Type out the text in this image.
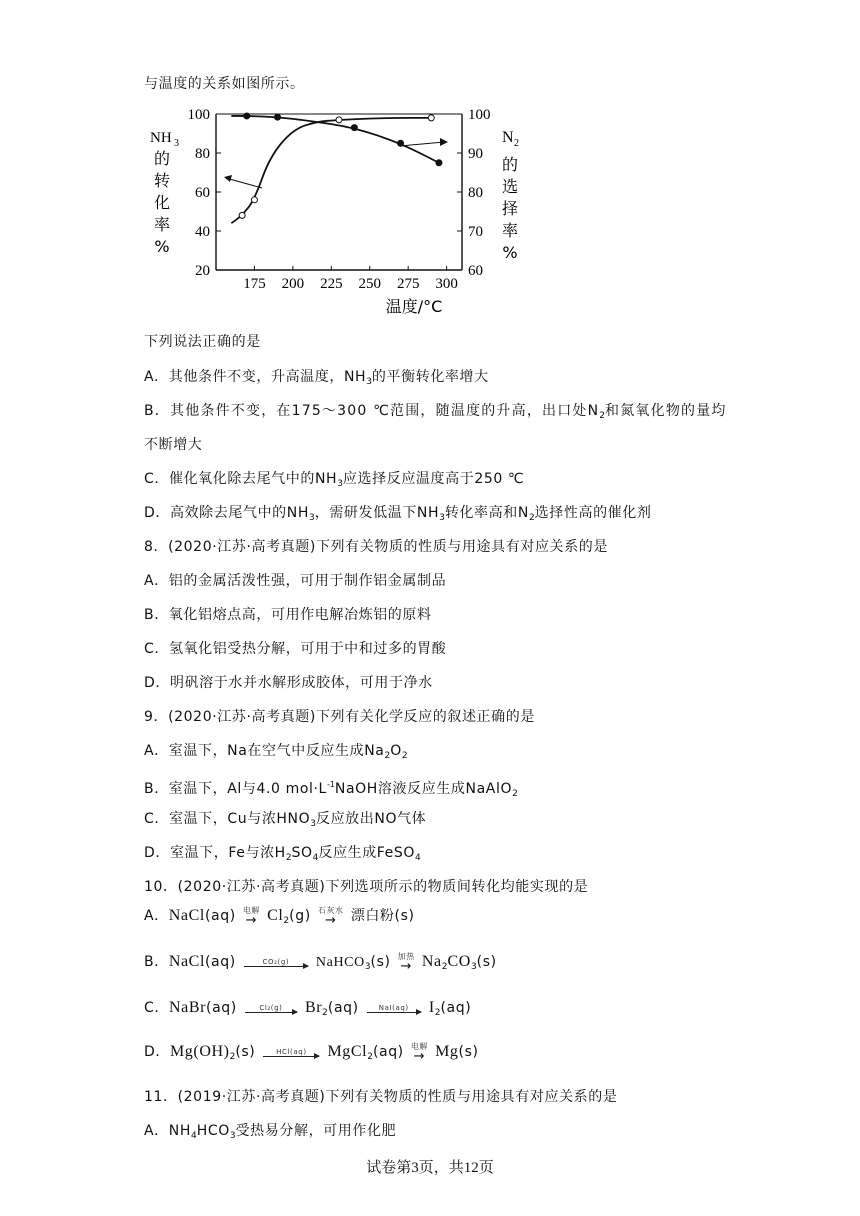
与温度的关系如图所示。
20
40
60
80
100
60
70
80
90
100
175 200 225 250 275 300
NH 3
的
转
化
率
%
N 2
的
选
择
率
%
温度/°C
下列说法正确的是
A．其他条件不变，升高温度，$NH_3$的平衡转化率增大
B．其他条件不变，在175～300 ℃范围，随温度的升高，出口处$N_2$和氮氧化物的量均
不断增大
C．催化氧化除去尾气中的$NH_3$应选择反应温度高于250 ℃
D．高效除去尾气中的$NH_3$，需研发低温下$NH_3$转化率高和$N_2$选择性高的催化剂
8．(2020·江苏·高考真题)下列有关物质的性质与用途具有对应关系的是
A．铝的金属活泼性强，可用于制作铝金属制品
B．氧化铝熔点高，可用作电解冶炼铝的原料
C．氢氧化铝受热分解，可用于中和过多的胃酸
D．明矾溶于水并水解形成胶体，可用于净水
9．(2020·江苏·高考真题)下列有关化学反应的叙述正确的是
A．室温下，Na在空气中反应生成$Na_2O_2$
B．室温下，Al与4.0 $mol\cdot L^{-1}NaOH$溶液反应生成NaAlO$_2$
C．室温下，Cu与浓$HNO_3$反应放出NO气体
D．室温下，Fe与浓$H_2SO_4$反应生成FeSO$_4$
10．(2020·江苏·高考真题)下列选项所示的物质间转化均能实现的是
A．NaCl(aq) 电解
→ $Cl_2(g)$ 石灰水
→	漂白粉(s)
B．NaCl(aq)	CO₂(g)	NaHCO$_3$(s) 加热
→ $Na_2CO_3(s)$
C．NaBr(aq)	Cl₂(g)	$Br_2(aq)$	NaI(aq)	$I_2(aq)$
D．$Mg(OH)_2(s)$	HCl(aq)	MgCl$_2$(aq) 电解
→ Mg(s)
11．(2019·江苏·高考真题)下列有关物质的性质与用途具有对应关系的是
A．$NH_4HCO_3$受热易分解，可用作化肥
试卷第3页，共12页
